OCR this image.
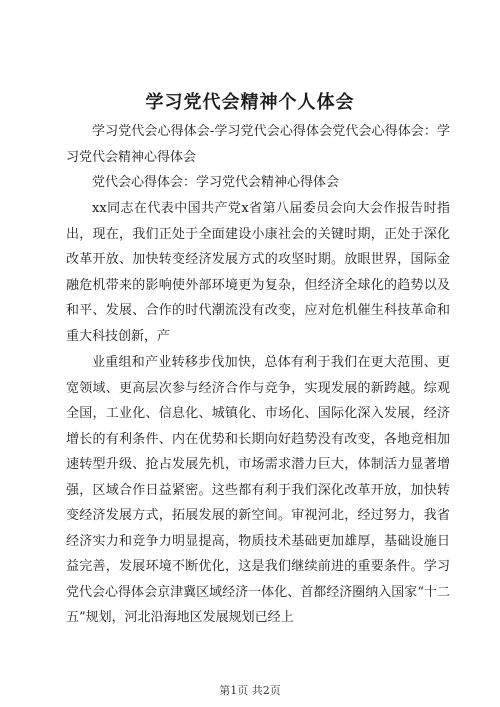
学习党代会精神个人体会

学习党代会心得体会-学习党代会心得体会党代会心得体会：学习党代会精神心得体会

党代会心得体会：学习党代会精神心得体会

xx同志在代表中国共产党x省第八届委员会向大会作报告时指出，现在，我们正处于全面建设小康社会的关键时期，正处于深化改革开放、加快转变经济发展方式的攻坚时期。放眼世界，国际金融危机带来的影响使外部环境更为复杂，但经济全球化的趋势以及和平、发展、合作的时代潮流没有改变，应对危机催生科技革命和重大科技创新，产

业重组和产业转移步伐加快，总体有利于我们在更大范围、更宽领域、更高层次参与经济合作与竞争，实现发展的新跨越。综观全国，工业化、信息化、城镇化、市场化、国际化深入发展，经济增长的有利条件、内在优势和长期向好趋势没有改变，各地竞相加速转型升级、抢占发展先机，市场需求潜力巨大，体制活力显著增强，区域合作日益紧密。这些都有利于我们深化改革开放，加快转变经济发展方式，拓展发展的新空间。审视河北，经过努力，我省经济实力和竞争力明显提高，物质技术基础更加雄厚，基础设施日益完善，发展环境不断优化，这是我们继续前进的重要条件。学习党代会心得体会京津冀区域经济一体化、首都经济圈纳入国家“十二五”规划，河北沿海地区发展规划已经上

第1页 共2页
